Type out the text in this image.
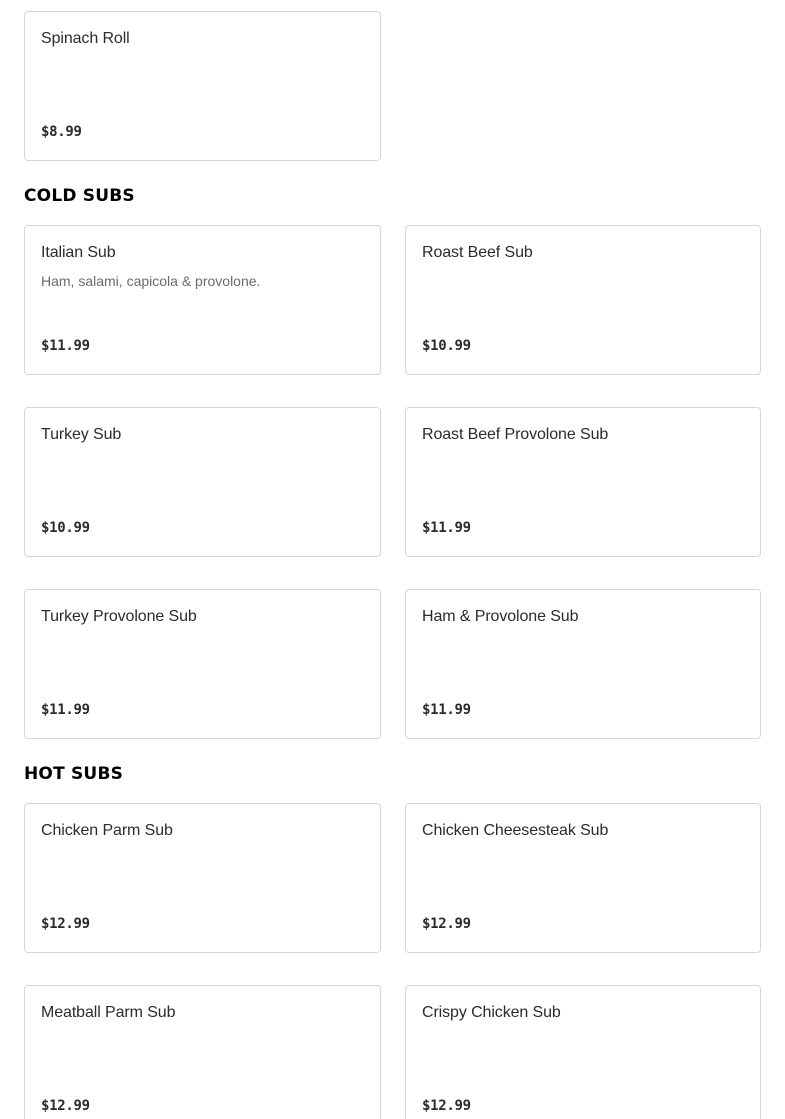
Spinach Roll
$8.99
COLD SUBS
Italian Sub
Ham, salami, capicola & provolone.
$11.99
Roast Beef Sub
$10.99
Turkey Sub
$10.99
Roast Beef Provolone Sub
$11.99
Turkey Provolone Sub
$11.99
Ham & Provolone Sub
$11.99
HOT SUBS
Chicken Parm Sub
$12.99
Chicken Cheesesteak Sub
$12.99
Meatball Parm Sub
$12.99
Crispy Chicken Sub
$12.99
